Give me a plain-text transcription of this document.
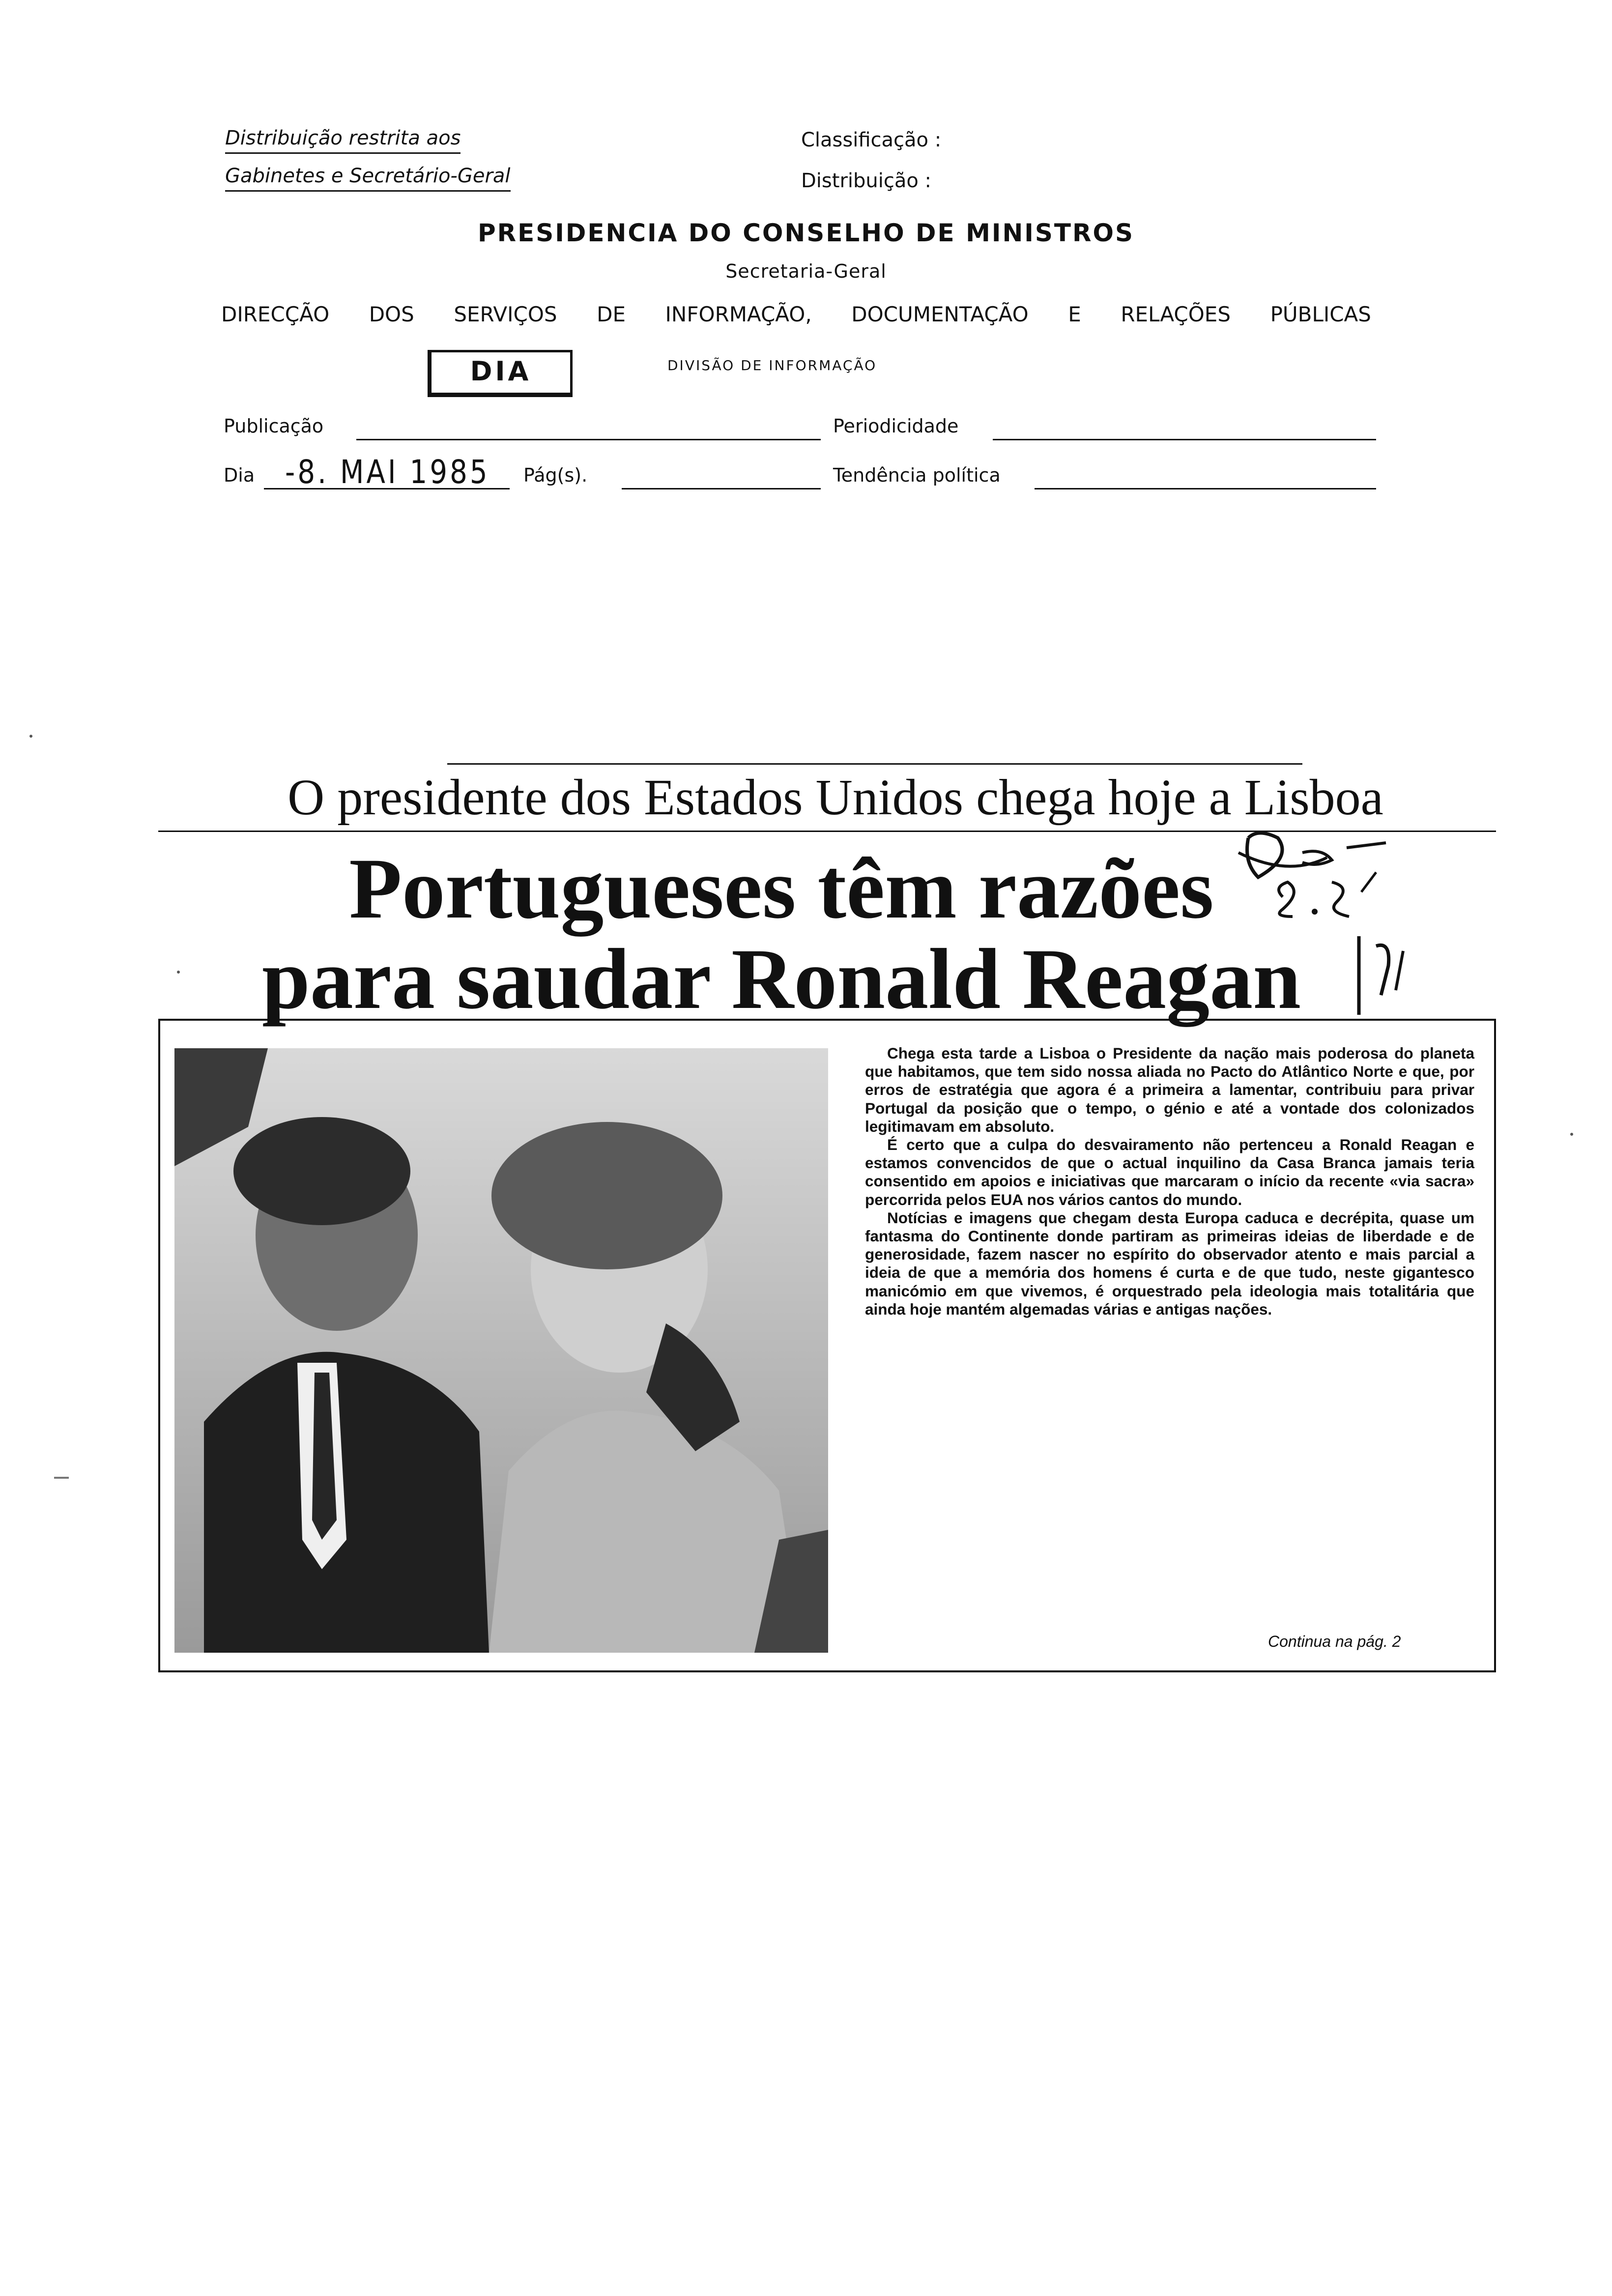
Distribuição restrita aos
Gabinetes e Secretário-Geral
Classificação :
Distribuição :
PRESIDENCIA DO CONSELHO DE MINISTROS
Secretaria-Geral
DIRECÇÃO DOS SERVIÇOS DE INFORMAÇÃO, DOCUMENTAÇÃO E RELAÇÕES PÚBLICAS
DIA	DIVISÃO DE INFORMAÇÃO
Publicação	Periodicidade
Dia -8. MAI 1985 Pág(s).	Tendência política
O presidente dos Estados Unidos chega hoje a Lisboa
Portugueses têm razões
para saudar Ronald Reagan

Chega esta tarde a Lisboa o Presidente da nação mais poderosa do planeta que habitamos, que tem sido nossa aliada no Pacto do Atlântico Norte e que, por erros de estratégia que agora é a primeira a lamentar, contribuiu para privar Portugal da posição que o tempo, o génio e até a vontade dos colonizados legitimavam em absoluto.

É certo que a culpa do desvairamento não pertenceu a Ronald Reagan e estamos convencidos de que o actual inquilino da Casa Branca jamais teria consentido em apoios e iniciativas que marcaram o início da recente «via sacra» percorrida pelos EUA nos vários cantos do mundo.

Notícias e imagens que chegam desta Europa caduca e decrépita, quase um fantasma do Continente donde partiram as primeiras ideias de liberdade e de generosidade, fazem nascer no espírito do observador atento e mais parcial a ideia de que a memória dos homens é curta e de que tudo, neste gigantesco manicómio em que vivemos, é orquestrado pela ideologia mais totalitária que ainda hoje mantém algemadas várias e antigas nações.

Continua na pág. 2
